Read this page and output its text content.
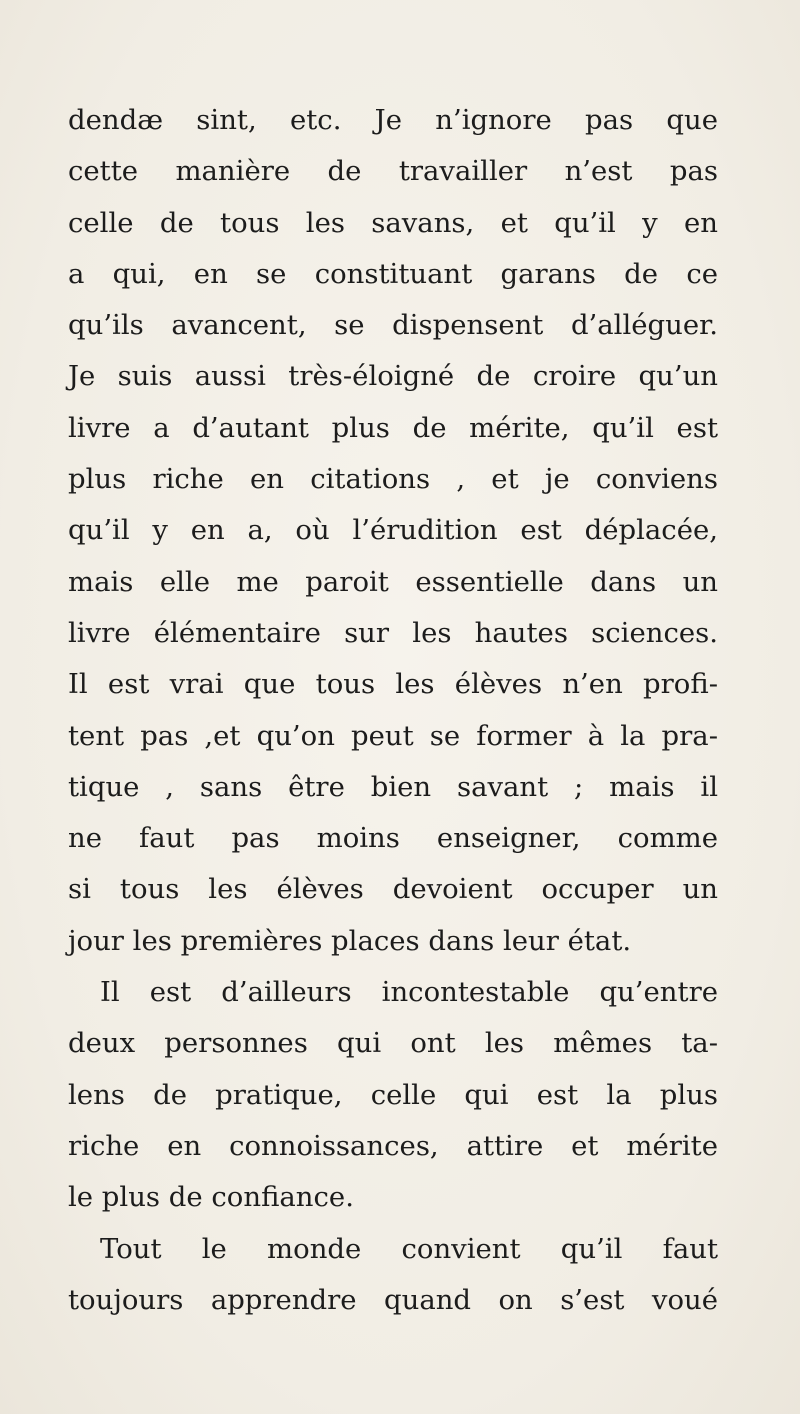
dendæ sint, etc. Je n’ignore pas que
cette manière de travailler n’est pas
celle de tous les savans, et qu’il y en
a qui, en se constituant garans de ce
qu’ils avancent, se dispensent d’alléguer.
Je suis aussi très-éloigné de croire qu’un
livre a d’autant plus de mérite, qu’il est
plus riche en citations , et je conviens
qu’il y en a, où l’érudition est déplacée,
mais elle me paroit essentielle dans un
livre élémentaire sur les hautes sciences.
Il est vrai que tous les élèves n’en profi-
tent pas ,et qu’on peut se former à la pra-
tique , sans être bien savant ; mais il
ne faut pas moins enseigner, comme
si tous les élèves devoient occuper un
jour les premières places dans leur état.
Il est d’ailleurs incontestable qu’entre
deux personnes qui ont les mêmes ta-
lens de pratique, celle qui est la plus
riche en connoissances, attire et mérite
le plus de confiance.
Tout le monde convient qu’il faut
toujours apprendre quand on s’est voué
